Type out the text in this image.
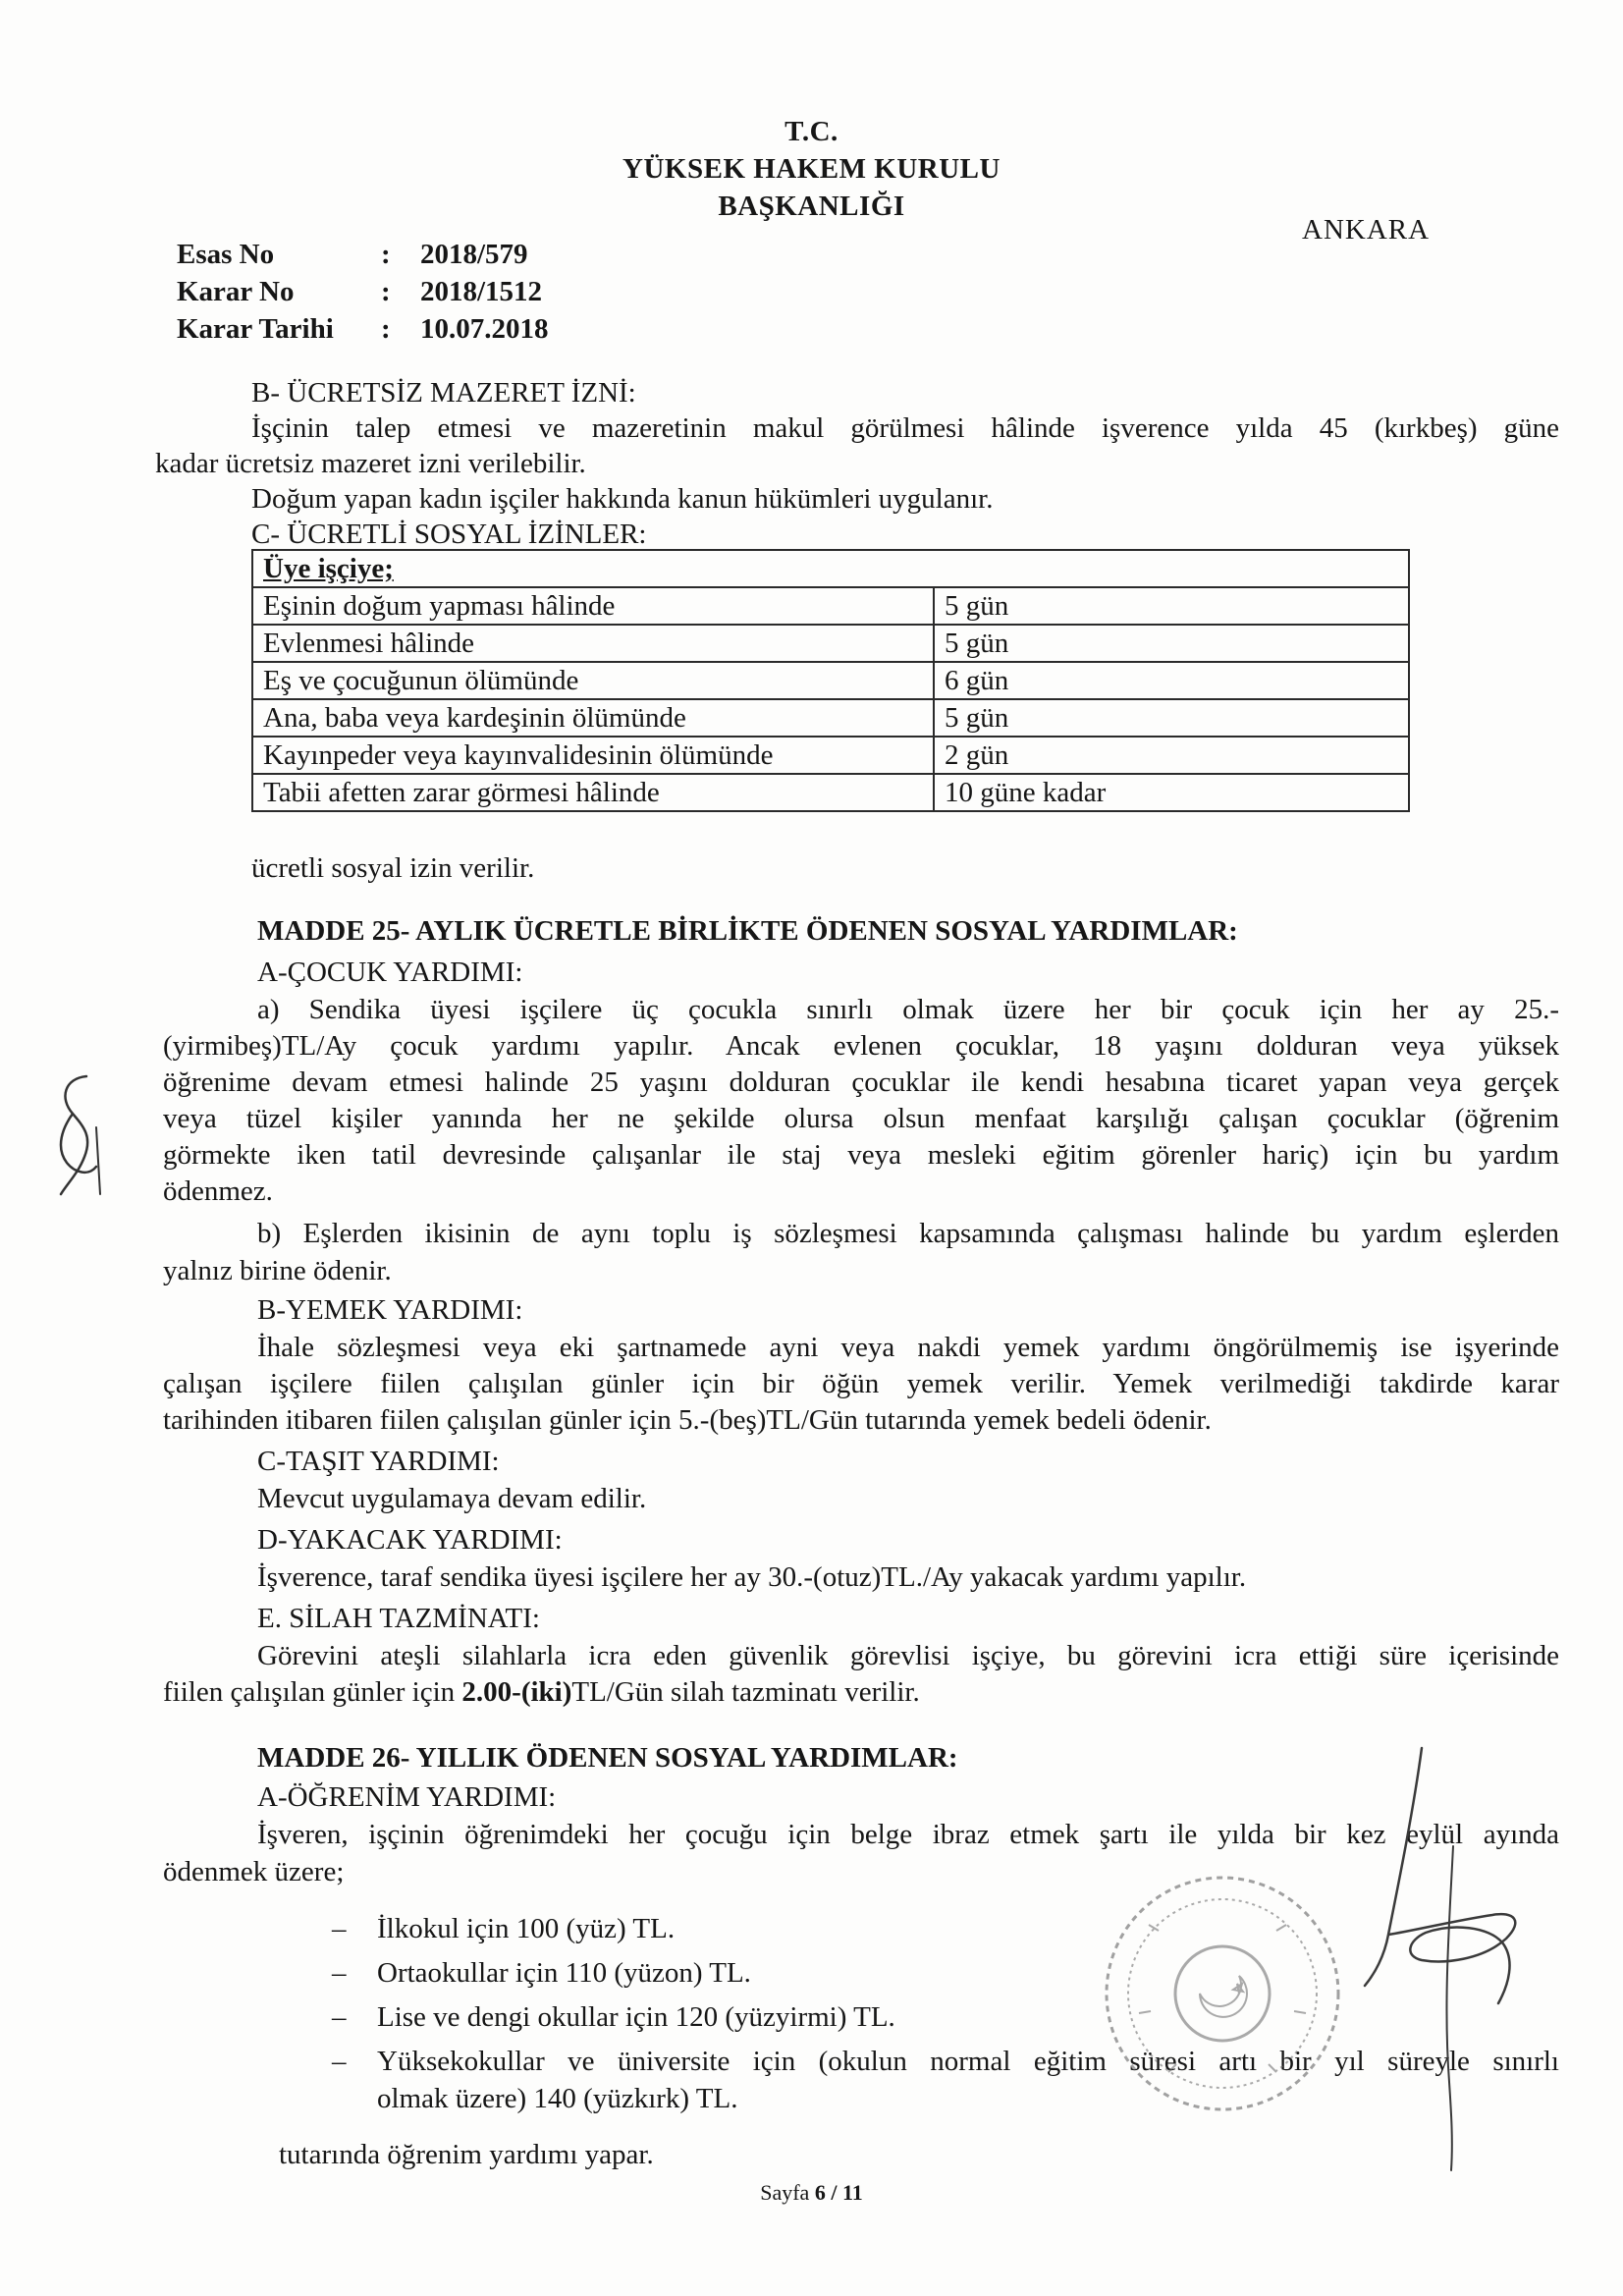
T.C.
YÜKSEK HAKEM KURULU
BAŞKANLIĞI
ANKARA
Esas No	: 2018/579
Karar No	: 2018/1512
Karar Tarihi : 10.07.2018
B- ÜCRETSİZ MAZERET İZNİ:
İşçinin talep etmesi ve mazeretinin makul görülmesi hâlinde işverence yılda 45 (kırkbeş) güne
kadar ücretsiz mazeret izni verilebilir.
Doğum yapan kadın işçiler hakkında kanun hükümleri uygulanır.
C- ÜCRETLİ SOSYAL İZİNLER:
Üye işçiye;	
Eşinin doğum yapması hâlinde	5 gün
Evlenmesi hâlinde	5 gün
Eş ve çocuğunun ölümünde	6 gün
Ana, baba veya kardeşinin ölümünde	5 gün
Kayınpeder veya kayınvalidesinin ölümünde	2 gün
Tabii afetten zarar görmesi hâlinde	10 güne kadar
ücretli sosyal izin verilir.
MADDE 25- AYLIK ÜCRETLE BİRLİKTE ÖDENEN SOSYAL YARDIMLAR:
A-ÇOCUK YARDIMI:
a) Sendika üyesi işçilere üç çocukla sınırlı olmak üzere her bir çocuk için her ay 25.-
(yirmibeş)TL/Ay çocuk yardımı yapılır. Ancak evlenen çocuklar, 18 yaşını dolduran veya yüksek
öğrenime devam etmesi halinde 25 yaşını dolduran çocuklar ile kendi hesabına ticaret yapan veya gerçek
veya tüzel kişiler yanında her ne şekilde olursa olsun menfaat karşılığı çalışan çocuklar (öğrenim
görmekte iken tatil devresinde çalışanlar ile staj veya mesleki eğitim görenler hariç) için bu yardım
ödenmez.
b) Eşlerden ikisinin de aynı toplu iş sözleşmesi kapsamında çalışması halinde bu yardım eşlerden
yalnız birine ödenir.
B-YEMEK YARDIMI:
İhale sözleşmesi veya eki şartnamede ayni veya nakdi yemek yardımı öngörülmemiş ise işyerinde
çalışan işçilere fiilen çalışılan günler için bir öğün yemek verilir. Yemek verilmediği takdirde karar
tarihinden itibaren fiilen çalışılan günler için 5.-(beş)TL/Gün tutarında yemek bedeli ödenir.
C-TAŞIT YARDIMI:
Mevcut uygulamaya devam edilir.
D-YAKACAK YARDIMI:
İşverence, taraf sendika üyesi işçilere her ay 30.-(otuz)TL./Ay yakacak yardımı yapılır.
E. SİLAH TAZMİNATI:
Görevini ateşli silahlarla icra eden güvenlik görevlisi işçiye, bu görevini icra ettiği süre içerisinde
fiilen çalışılan günler için 2.00-(iki)TL/Gün silah tazminatı verilir.
MADDE 26- YILLIK ÖDENEN SOSYAL YARDIMLAR:
A-ÖĞRENİM YARDIMI:
İşveren, işçinin öğrenimdeki her çocuğu için belge ibraz etmek şartı ile yılda bir kez eylül ayında
ödenmek üzere;
– İlkokul için 100 (yüz) TL.
– Ortaokullar için 110 (yüzon) TL.
– Lise ve dengi okullar için 120 (yüzyirmi) TL.
– Yüksekokullar ve üniversite için (okulun normal eğitim süresi artı bir yıl süreyle sınırlı
olmak üzere) 140 (yüzkırk) TL.
tutarında öğrenim yardımı yapar.
Sayfa 6 / 11
